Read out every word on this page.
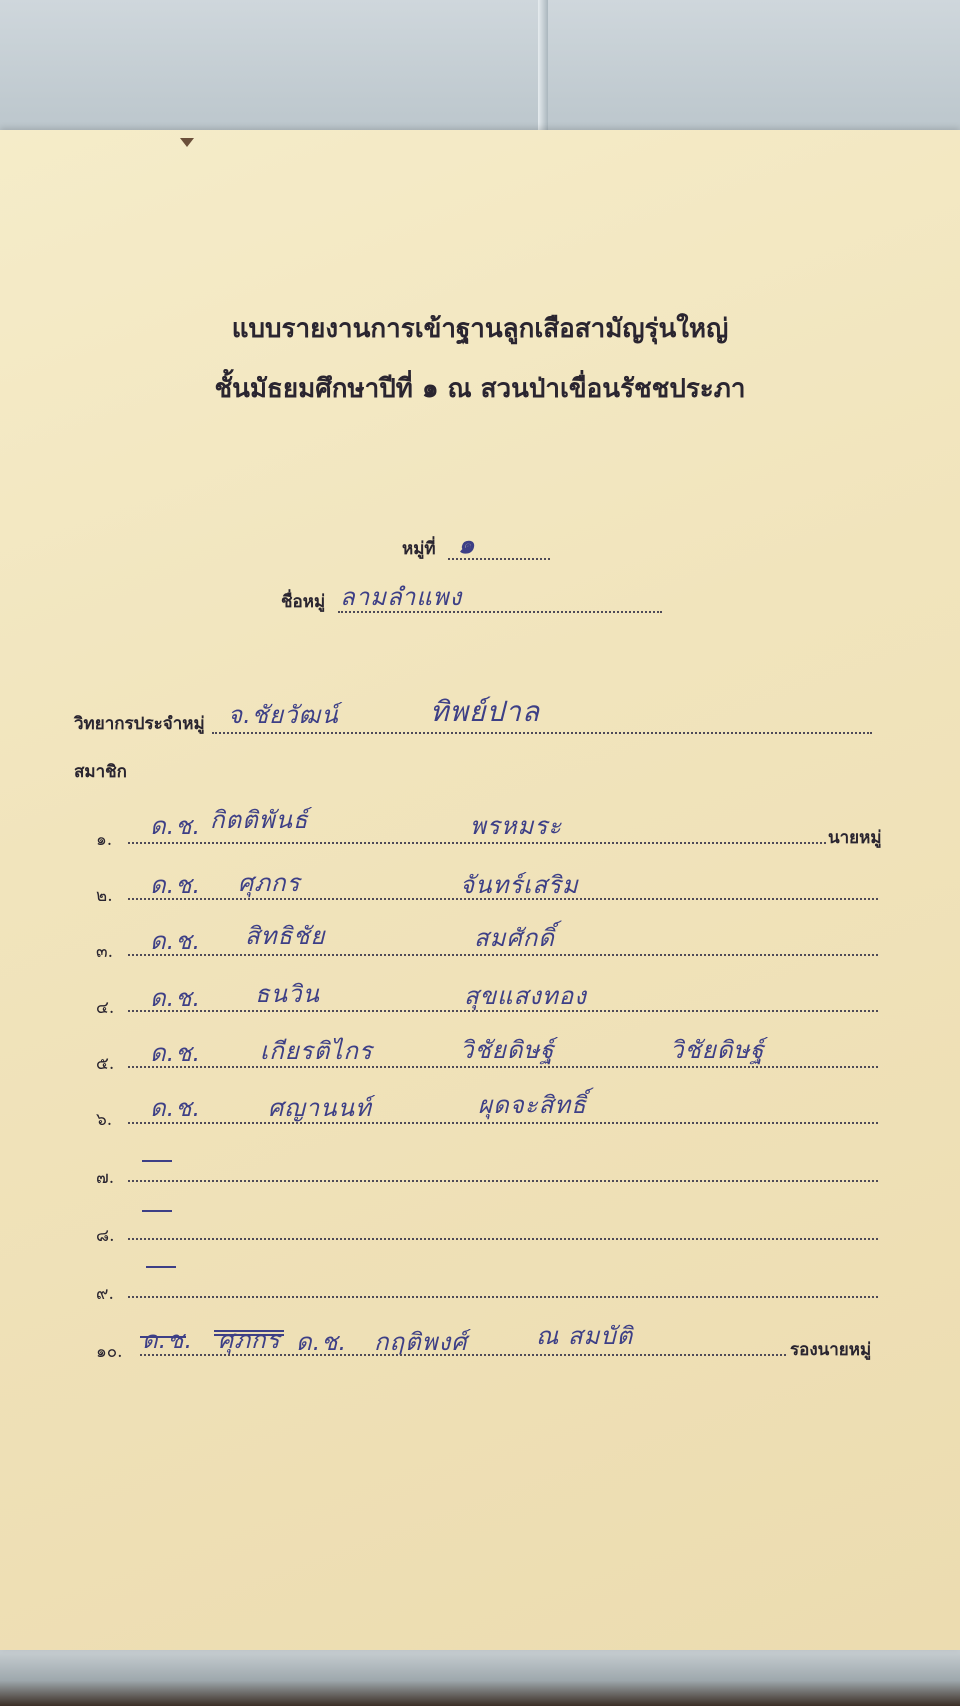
แบบรายงานการเข้าฐานลูกเสือสามัญรุ่นใหญ่
ชั้นมัธยมศึกษาปีที่ ๑ ณ สวนป่าเขื่อนรัชชประภา
หมู่ที่ ๑
ชื่อหมู่ ลามลำแพง
วิทยากรประจำหมู่ จ.ชัยวัฒน์	ทิพย์ปาล
สมาชิก
๑. ด.ช. กิตติพันธ์	พรหมระ	นายหมู่
๒. ด.ช. ศุภกร	จันทร์เสริม
๓. ด.ช. สิทธิชัย	สมศักดิ์
๔. ด.ช. ธนวิน	สุขแสงทอง
๕. ด.ช. เกียรติไกร	วิชัยดิษฐ์	วิชัยดิษฐ์
๖. ด.ช.	ศญานนท์	ผุดจะสิทธิ์
๗.
๘.
๙.
๑๐. ด.ช. ศุภกร ด.ช. กฤติพงศ์	ณ สมบัติ	รองนายหมู่
